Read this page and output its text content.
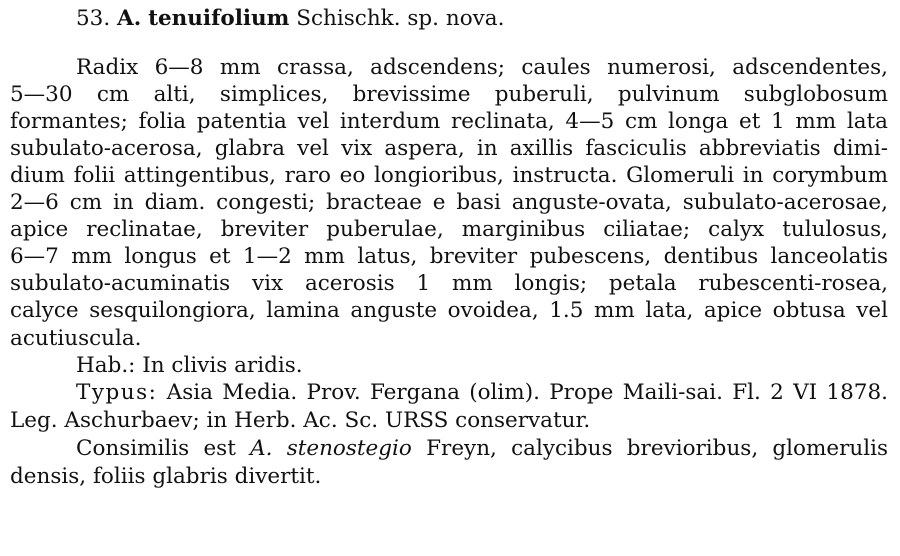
53. A. tenuifolium Schischk. sp. nova.
Radix 6—8 mm crassa, adscendens; caules numerosi, adscendentes,
5—30 cm alti, simplices, brevissime puberuli, pulvinum subglobosum
formantes; folia patentia vel interdum reclinata, 4—5 cm longa et 1 mm lata
subulato-acerosa, glabra vel vix aspera, in axillis fasciculis abbreviatis dimi-
dium folii attingentibus, raro eo longioribus, instructa. Glomeruli in corymbum
2—6 cm in diam. congesti; bracteae e basi anguste-ovata, subulato-acerosae,
apice reclinatae, breviter puberulae, marginibus ciliatae; calyx tululosus,
6—7 mm longus et 1—2 mm latus, breviter pubescens, dentibus lanceolatis
subulato-acuminatis vix acerosis 1 mm longis; petala rubescenti-rosea,
calyce sesquilongiora, lamina anguste ovoidea, 1.5 mm lata, apice obtusa vel
acutiuscula.
Hab.: In clivis aridis.
Typus: Asia Media. Prov. Fergana (olim). Prope Maili-sai. Fl. 2 VI 1878.
Leg. Aschurbaev; in Herb. Ac. Sc. URSS conservatur.
Consimilis est A. stenostegio Freyn, calycibus brevioribus, glomerulis
densis, foliis glabris divertit.
